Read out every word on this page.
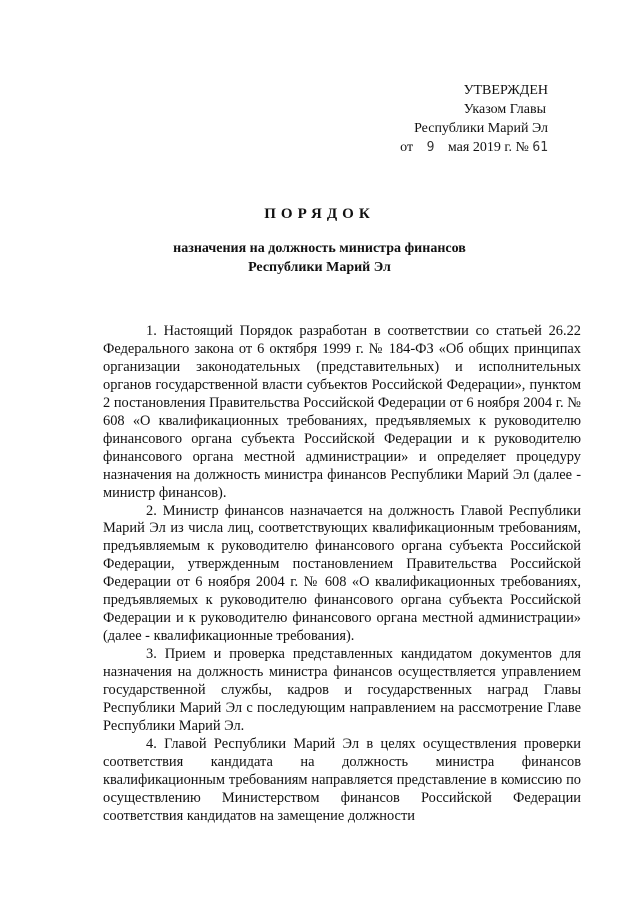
УТВЕРЖДЕН
Указом Главы
Республики Марий Эл
от 9 мая 2019 г. № 61
ПОРЯДОК
назначения на должность министра финансов
Республики Марий Эл

1. Настоящий Порядок разработан в соответствии со статьей 26.22 Федерального закона от 6 октября 1999 г. № 184-ФЗ «Об общих принципах организации законодательных (представительных) и исполнительных органов государственной власти субъектов Российской Федерации», пунктом 2 постановления Правительства Российской Федерации от 6 ноября 2004 г. № 608 «О квалификационных требованиях, предъявляемых к руководителю финансового органа субъекта Российской Федерации и к руководителю финансового органа местной администрации» и определяет процедуру назначения на должность министра финансов Республики Марий Эл (далее - министр финансов).

2. Министр финансов назначается на должность Главой Республики Марий Эл из числа лиц, соответствующих квалификационным требованиям, предъявляемым к руководителю финансового органа субъекта Российской Федерации, утвержденным постановлением Правительства Российской Федерации от 6 ноября 2004 г. № 608 «О квалификационных требованиях, предъявляемых к руководителю финансового органа субъекта Российской Федерации и к руководителю финансового органа местной администрации» (далее - квалификационные требования).

3. Прием и проверка представленных кандидатом документов для назначения на должность министра финансов осуществляется управлением государственной службы, кадров и государственных наград Главы Республики Марий Эл с последующим направлением на рассмотрение Главе Республики Марий Эл.

4. Главой Республики Марий Эл в целях осуществления проверки соответствия кандидата на должность министра финансов квалификационным требованиям направляется представление в комиссию по осуществлению Министерством финансов Российской Федерации соответствия кандидатов на замещение должности
